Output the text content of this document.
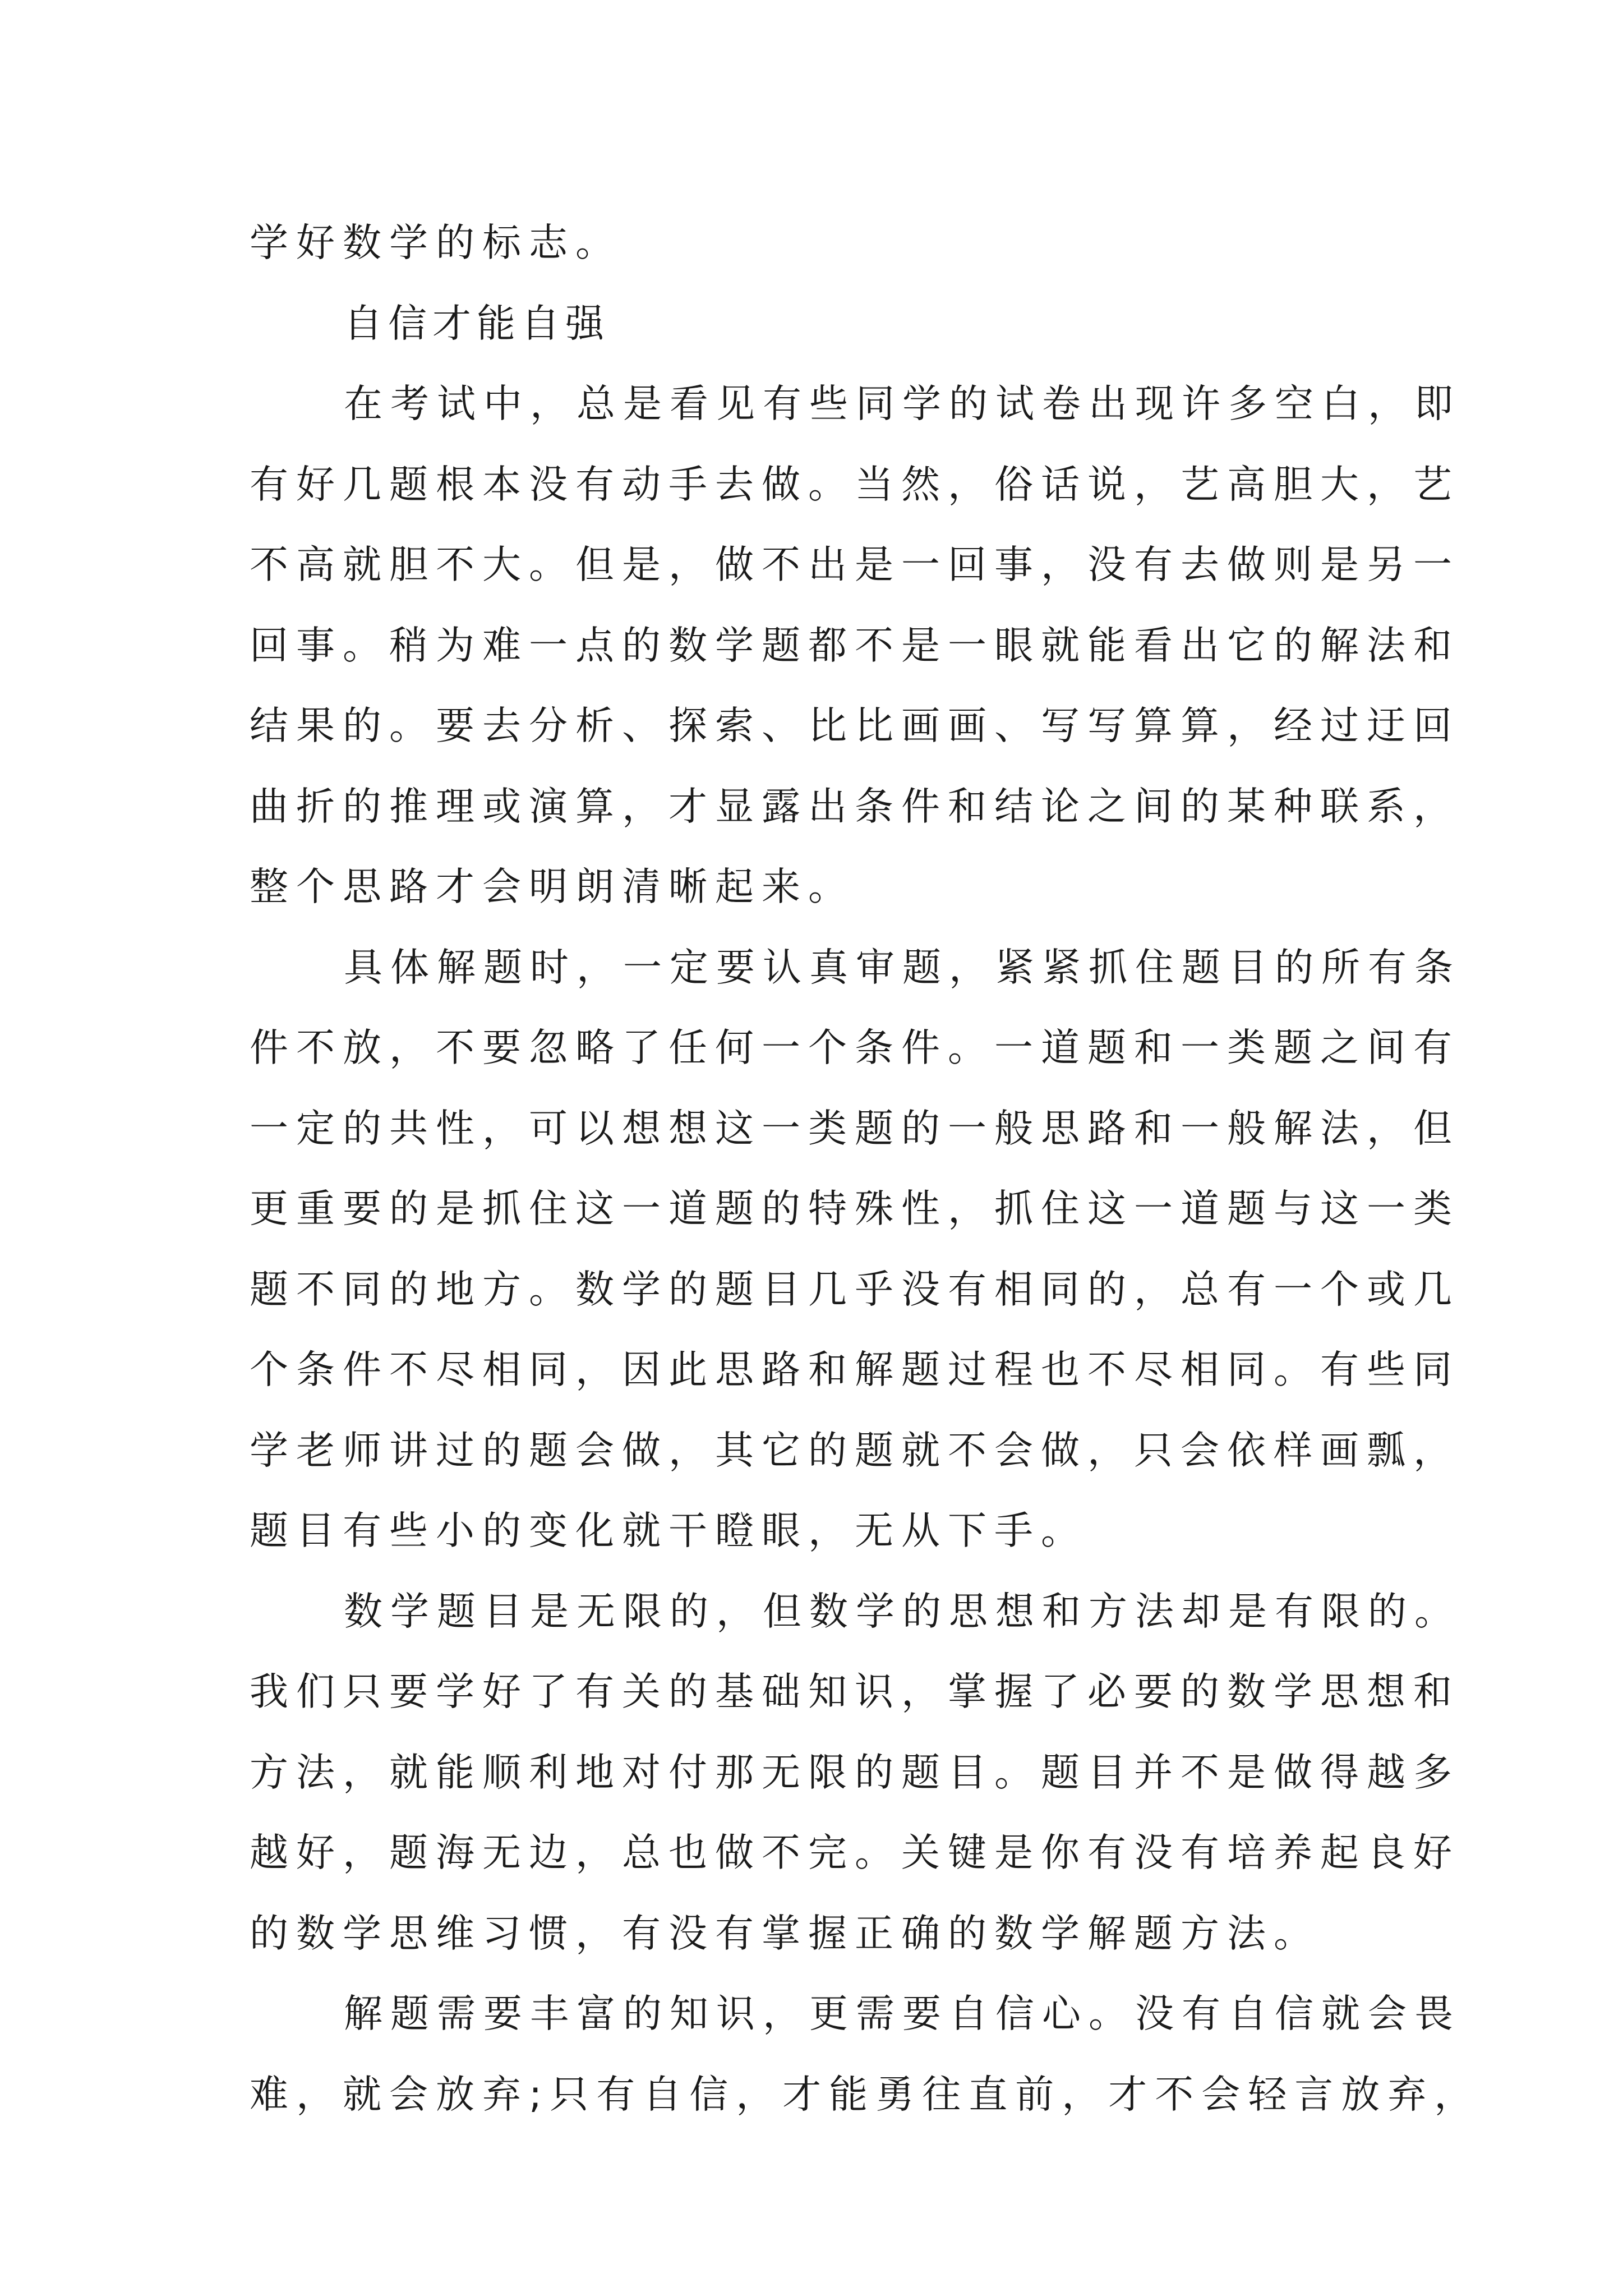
学好数学的标志。
自信才能自强
在考试中，总是看见有些同学的试卷出现许多空白，即
有好几题根本没有动手去做。当然，俗话说，艺高胆大，艺
不高就胆不大。但是，做不出是一回事，没有去做则是另一
回事。稍为难一点的数学题都不是一眼就能看出它的解法和
结果的。要去分析、探索、比比画画、写写算算，经过迂回
曲折的推理或演算，才显露出条件和结论之间的某种联系，
整个思路才会明朗清晰起来。
具体解题时，一定要认真审题，紧紧抓住题目的所有条
件不放，不要忽略了任何一个条件。一道题和一类题之间有
一定的共性，可以想想这一类题的一般思路和一般解法，但
更重要的是抓住这一道题的特殊性，抓住这一道题与这一类
题不同的地方。数学的题目几乎没有相同的，总有一个或几
个条件不尽相同，因此思路和解题过程也不尽相同。有些同
学老师讲过的题会做，其它的题就不会做，只会依样画瓢，
题目有些小的变化就干瞪眼，无从下手。
数学题目是无限的，但数学的思想和方法却是有限的。
我们只要学好了有关的基础知识，掌握了必要的数学思想和
方法，就能顺利地对付那无限的题目。题目并不是做得越多
越好，题海无边，总也做不完。关键是你有没有培养起良好
的数学思维习惯，有没有掌握正确的数学解题方法。
解题需要丰富的知识，更需要自信心。没有自信就会畏
难，就会放弃;只有自信，才能勇往直前，才不会轻言放弃，
